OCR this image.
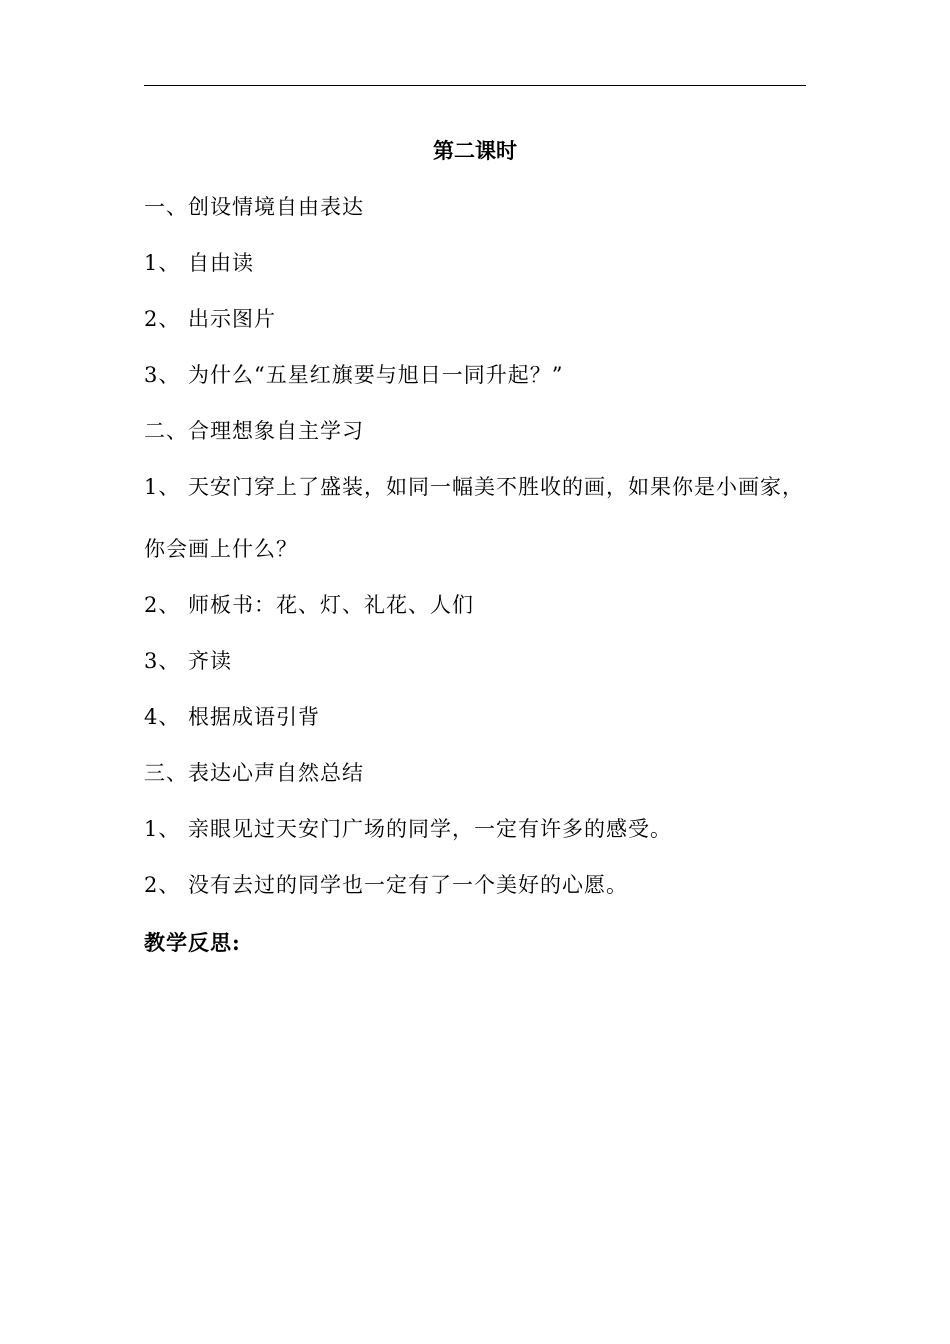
第二课时
一、创设情境自由表达
1、 自由读
2、 出示图片
3、 为什么“五星红旗要与旭日一同升起？”
二、合理想象自主学习
1、 天安门穿上了盛装，如同一幅美不胜收的画，如果你是小画家，
你会画上什么？
2、 师板书：花、灯、礼花、人们
3、 齐读
4、 根据成语引背
三、表达心声自然总结
1、 亲眼见过天安门广场的同学，一定有许多的感受。
2、 没有去过的同学也一定有了一个美好的心愿。
教学反思:
